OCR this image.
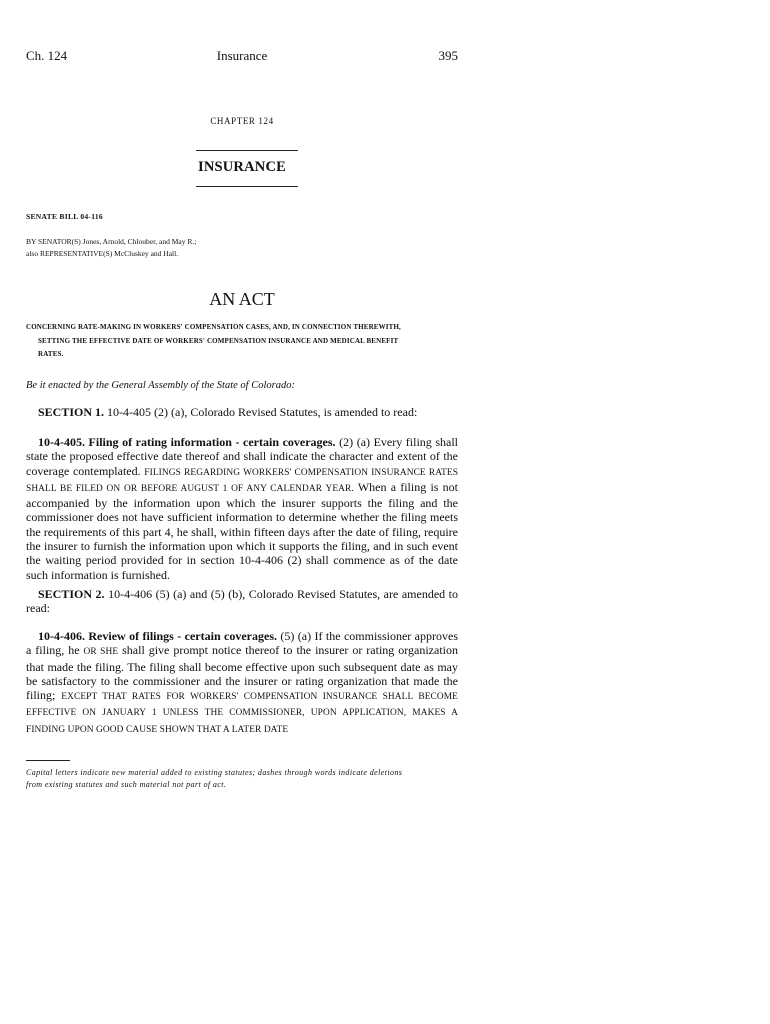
Ch. 124	Insurance	395
CHAPTER 124
INSURANCE
SENATE BILL 04-116
BY SENATOR(S) Jones, Arnold, Chlouber, and May R.;
also REPRESENTATIVE(S) McCluskey and Hall.
AN ACT
CONCERNING RATE-MAKING IN WORKERS' COMPENSATION CASES, AND, IN CONNECTION THEREWITH,
SETTING THE EFFECTIVE DATE OF WORKERS' COMPENSATION INSURANCE AND MEDICAL BENEFIT
RATES.
Be it enacted by the General Assembly of the State of Colorado:
SECTION 1. 10-4-405 (2) (a), Colorado Revised Statutes, is amended to read:
10-4-405. Filing of rating information - certain coverages. (2) (a) Every filing shall state the proposed effective date thereof and shall indicate the character and extent of the coverage contemplated. FILINGS REGARDING WORKERS' COMPENSATION INSURANCE RATES SHALL BE FILED ON OR BEFORE AUGUST 1 OF ANY CALENDAR YEAR. When a filing is not accompanied by the information upon which the insurer supports the filing and the commissioner does not have sufficient information to determine whether the filing meets the requirements of this part 4, he shall, within fifteen days after the date of filing, require the insurer to furnish the information upon which it supports the filing, and in such event the waiting period provided for in section 10-4-406 (2) shall commence as of the date such information is furnished.
SECTION 2. 10-4-406 (5) (a) and (5) (b), Colorado Revised Statutes, are amended to read:
10-4-406. Review of filings - certain coverages. (5) (a) If the commissioner approves a filing, he OR SHE shall give prompt notice thereof to the insurer or rating organization that made the filing. The filing shall become effective upon such subsequent date as may be satisfactory to the commissioner and the insurer or rating organization that made the filing; EXCEPT THAT RATES FOR WORKERS' COMPENSATION INSURANCE SHALL BECOME EFFECTIVE ON JANUARY 1 UNLESS THE COMMISSIONER, UPON APPLICATION, MAKES A FINDING UPON GOOD CAUSE SHOWN THAT A LATER DATE
Capital letters indicate new material added to existing statutes; dashes through words indicate deletions
from existing statutes and such material not part of act.
